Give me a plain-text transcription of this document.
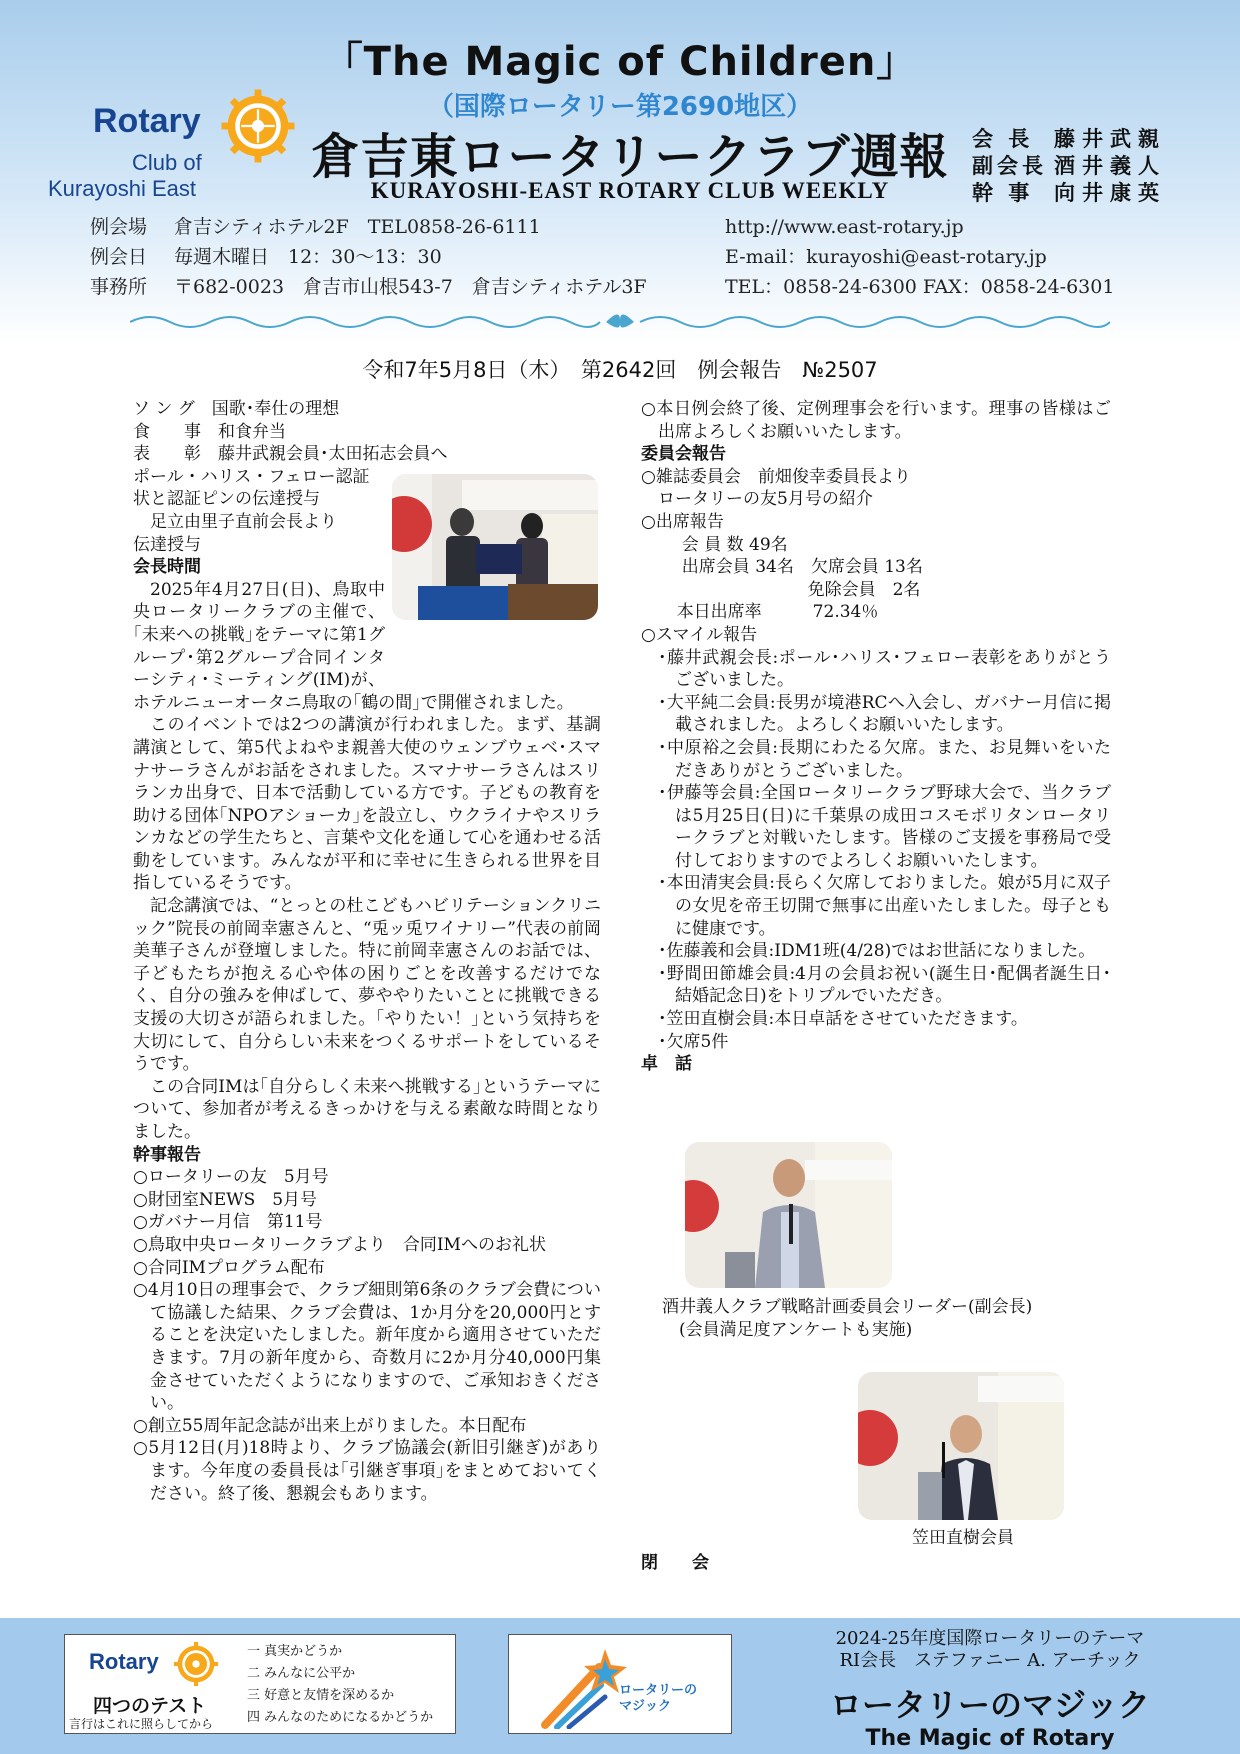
「The Magic of Children」
（国際ロータリー第2690地区）
倉吉東ロータリークラブ週報
KURAYOSHI-EAST ROTARY CLUB WEEKLY
Rotary
Club of
Kurayoshi East
会 長 藤井武親
副会長 酒井義人
幹 事 向井康英
例会場 倉吉シティホテル2F　TEL0858-26-6111
例会日 毎週木曜日　12：30～13：30
事務所 〒682-0023　倉吉市山根543-7　倉吉シティホテル3F
http://www.east-rotary.jp
E-mail：kurayoshi@east-rotary.jp
TEL：0858-24-6300 FAX：0858-24-6301
令和7年5月8日（木）　第2642回　例会報告　№2507
ソ ン グ　国歌･奉仕の理想
食　　事　和食弁当
表　　彰　藤井武親会員･太田拓志会員へ
ポール・ハリス・フェロー認証
状と認証ピンの伝達授与
　足立由里子直前会長より
伝達授与
会長時間
2025年4月27日(日)、鳥取中央ロータリークラブの主催で、｢未来への挑戦｣をテーマに第1グループ･第2グループ合同インターシティ･ミーティング(IM)が、ホテルニューオータニ鳥取の｢鶴の間｣で開催されました。
このイベントでは2つの講演が行われました。まず、基調講演として、第5代よねやま親善大使のウェンブウェベ･スマナサーラさんがお話をされました。スマナサーラさんはスリランカ出身で、日本で活動している方です。子どもの教育を助ける団体｢NPOアショーカ｣を設立し、ウクライナやスリランカなどの学生たちと、言葉や文化を通して心を通わせる活動をしています。みんなが平和に幸せに生きられる世界を目指しているそうです。
記念講演では、“とっとの杜こどもハビリテーションクリニック”院長の前岡幸憲さんと、“兎ッ兎ワイナリー”代表の前岡美華子さんが登壇しました。特に前岡幸憲さんのお話では、子どもたちが抱える心や体の困りごとを改善するだけでなく、自分の強みを伸ばして、夢ややりたいことに挑戦できる支援の大切さが語られました。｢やりたい！｣という気持ちを大切にして、自分らしい未来をつくるサポートをしているそうです。
この合同IMは｢自分らしく未来へ挑戦する｣というテーマについて、参加者が考えるきっかけを与える素敵な時間となりました。
幹事報告
○ロータリーの友　5月号
○財団室NEWS　5月号
○ガバナー月信　第11号
○鳥取中央ロータリークラブより　合同IMへのお礼状
○合同IMプログラム配布
○4月10日の理事会で、クラブ細則第6条のクラブ会費について協議した結果、クラブ会費は、1か月分を20,000円とすることを決定いたしました。新年度から適用させていただきます。7月の新年度から、奇数月に2か月分40,000円集金させていただくようになりますので、ご承知おきください。
○創立55周年記念誌が出来上がりました。本日配布
○5月12日(月)18時より、クラブ協議会(新旧引継ぎ)があります。今年度の委員長は｢引継ぎ事項｣をまとめておいてください。終了後、懇親会もあります。
○本日例会終了後、定例理事会を行います。理事の皆様はご出席よろしくお願いいたします。
委員会報告
○雑誌委員会　前畑俊幸委員長より
ロータリーの友5月号の紹介
○出席報告
会 員 数 49名
出席会員 34名　欠席会員 13名
免除会員　2名
本日出席率　　　72.34％
○スマイル報告
･藤井武親会長:ポール･ハリス･フェロー表彰をありがとうございました。
･大平純二会員:長男が境港RCへ入会し、ガバナー月信に掲載されました。よろしくお願いいたします。
･中原裕之会員:長期にわたる欠席。また、お見舞いをいただきありがとうございました。
･伊藤等会員:全国ロータリークラブ野球大会で、当クラブは5月25日(日)に千葉県の成田コスモポリタンロータリークラブと対戦いたします。皆様のご支援を事務局で受付しておりますのでよろしくお願いいたします。
･本田清実会員:長らく欠席しておりました。娘が5月に双子の女児を帝王切開で無事に出産いたしました。母子ともに健康です。
･佐藤義和会員:IDM1班(4/28)ではお世話になりました。
･野間田節雄会員:4月の会員お祝い(誕生日･配偶者誕生日･結婚記念日)をトリプルでいただき。
･笠田直樹会員:本日卓話をさせていただきます。
･欠席5件
卓　話
酒井義人クラブ戦略計画委員会リーダー(副会長)
(会員満足度アンケートも実施)
笠田直樹会員
閉　　会
Rotary
四つのテスト
言行はこれに照らしてから
一 真実かどうか
二 みんなに公平か
三 好意と友情を深めるか
四 みんなのためになるかどうか
ロータリーの
マジック
2024-25年度国際ロータリーのテーマ
RI会長　ステファニー A. アーチック
ロータリーのマジック
The Magic of Rotary
